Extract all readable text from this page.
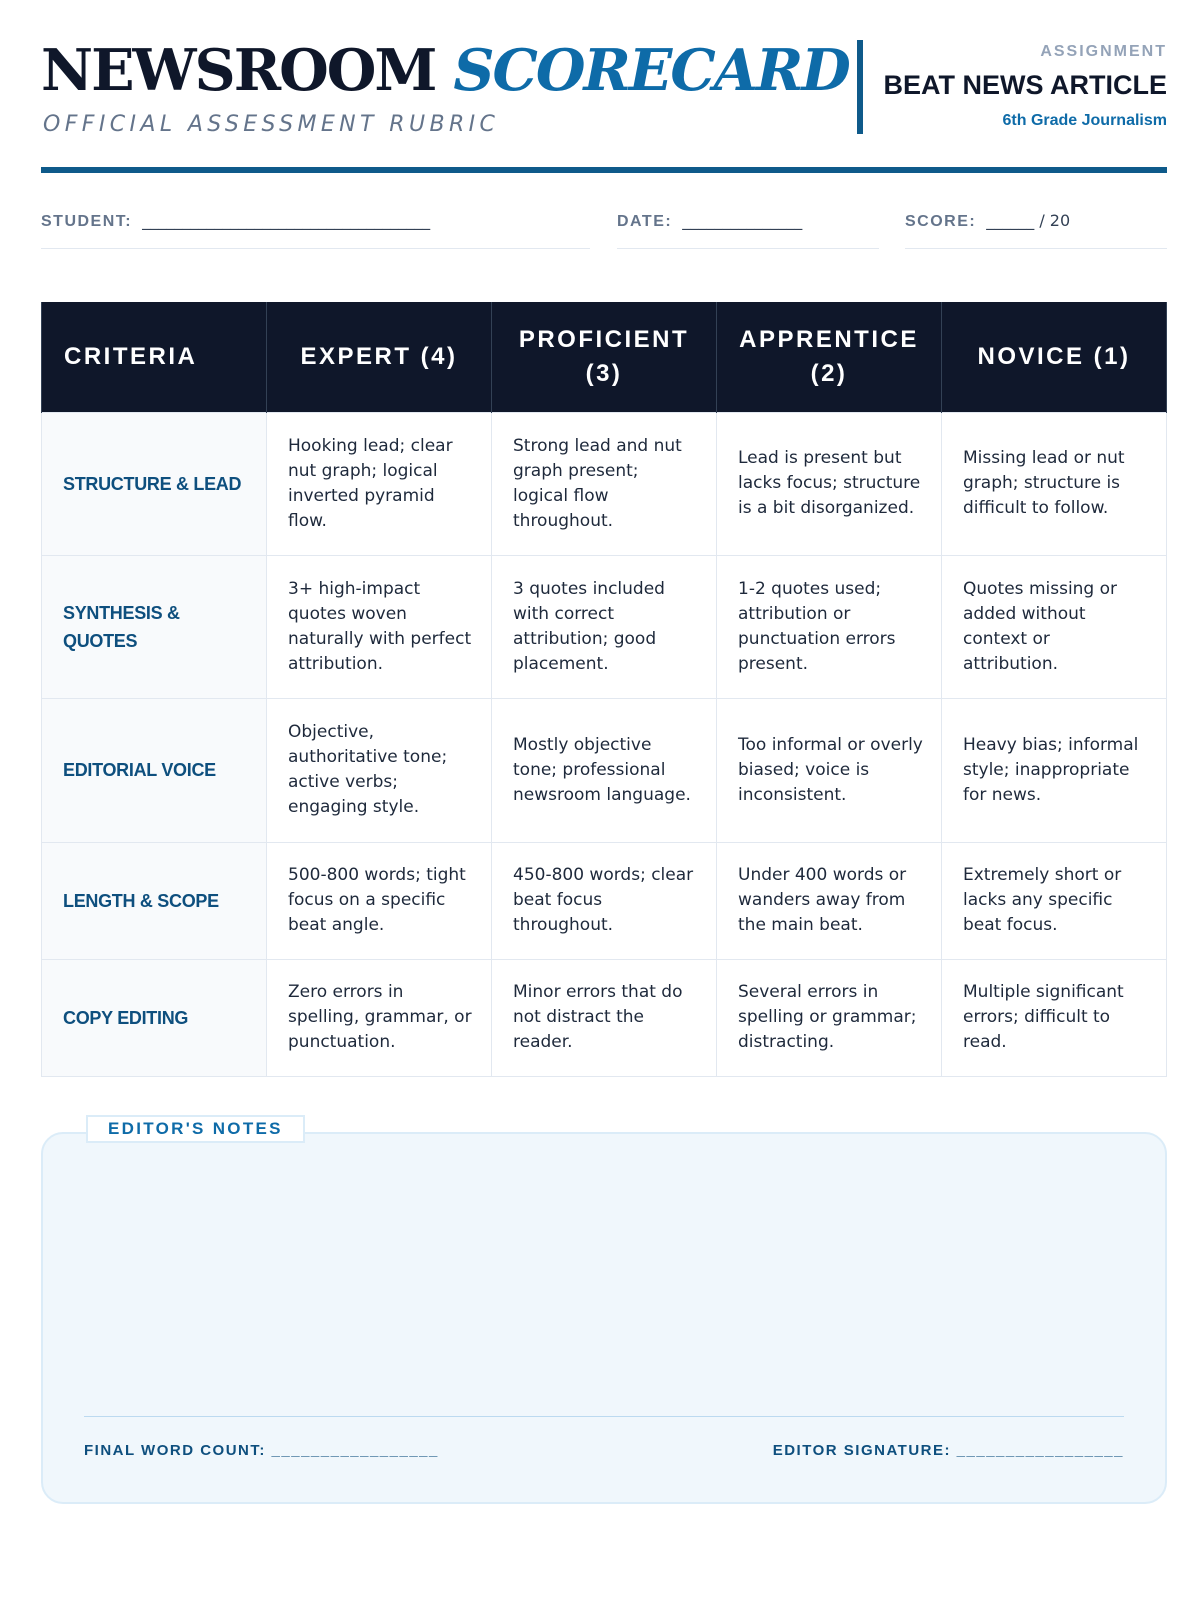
NEWSROOM SCORECARD
OFFICIAL ASSESSMENT RUBRIC
ASSIGNMENT
BEAT NEWS ARTICLE
6th Grade Journalism
STUDENT: ____________________________________	DATE: _______________	SCORE: ______ / 20
CRITERIA	EXPERT (4)	PROFICIENT (3)	APPRENTICE (2)	NOVICE (1)
STRUCTURE & LEAD	Hooking lead; clear nut graph; logical inverted pyramid flow.	Strong lead and nut graph present; logical flow throughout.	Lead is present but lacks focus; structure is a bit disorganized.	Missing lead or nut graph; structure is difficult to follow.
SYNTHESIS & QUOTES	3+ high-impact quotes woven naturally with perfect attribution.	3 quotes included with correct attribution; good placement.	1-2 quotes used; attribution or punctuation errors present.	Quotes missing or added without context or attribution.
EDITORIAL VOICE	Objective, authoritative tone; active verbs; engaging style.	Mostly objective tone; professional newsroom language.	Too informal or overly biased; voice is inconsistent.	Heavy bias; informal style; inappropriate for news.
LENGTH & SCOPE	500-800 words; tight focus on a specific beat angle.	450-800 words; clear beat focus throughout.	Under 400 words or wanders away from the main beat.	Extremely short or lacks any specific beat focus.
COPY EDITING	Zero errors in spelling, grammar, or punctuation.	Minor errors that do not distract the reader.	Several errors in spelling or grammar; distracting.	Multiple significant errors; difficult to read.
EDITOR'S NOTES
FINAL WORD COUNT: _________________	EDITOR SIGNATURE: _________________
